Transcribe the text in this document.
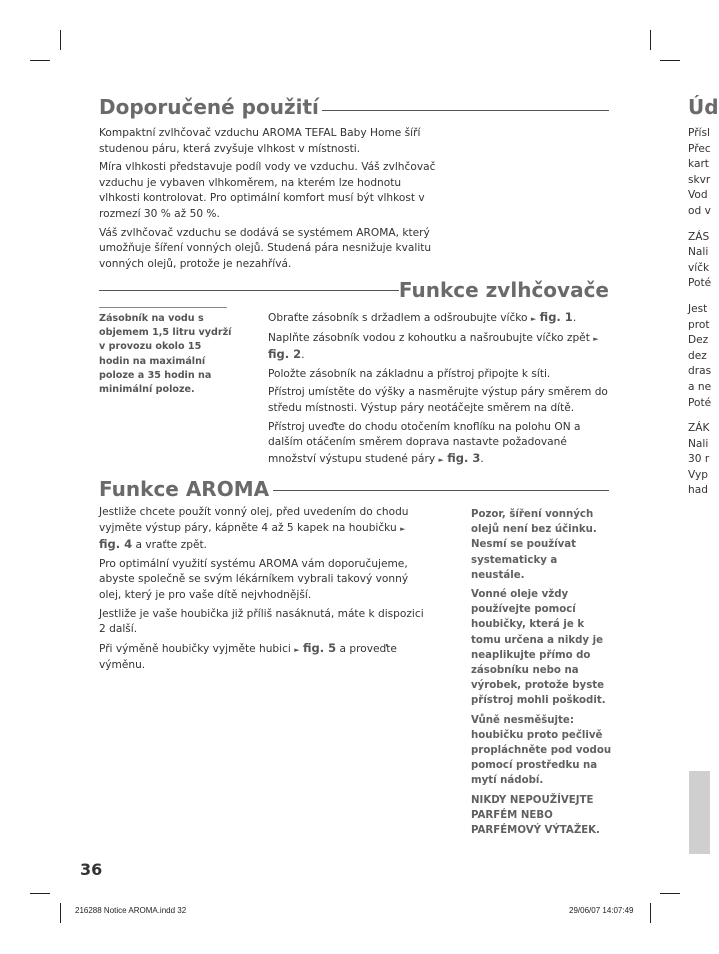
Doporučené použití

Kompaktní zvlhčovač vzduchu AROMA TEFAL Baby Home šíří studenou páru, která zvyšuje vlhkost v místnosti.

Míra vlhkosti představuje podíl vody ve vzduchu. Váš zvlhčovač vzduchu je vybaven vlhkoměrem, na kterém lze hodnotu vlhkosti kontrolovat. Pro optimální komfort musí být vlhkost v rozmezí 30 % až 50 %.

Váš zvlhčovač vzduchu se dodává se systémem AROMA, který umožňuje šíření vonných olejů. Studená pára nesnižuje kvalitu vonných olejů, protože je nezahřívá.

Funkce zvlhčovače
Zásobník na vodu s objemem 1,5 litru vydrží v provozu okolo 15 hodin na maximální poloze a 35 hodin na minimální poloze.

Obraťte zásobník s držadlem a odšroubujte víčko ► fig. 1.

Naplňte zásobník vodou z kohoutku a našroubujte víčko zpět ► fig. 2.

Položte zásobník na základnu a přístroj připojte k síti.

Přístroj umístěte do výšky a nasměrujte výstup páry směrem do středu místnosti. Výstup páry neotáčejte směrem na dítě.

Přístroj uveďte do chodu otočením knoflíku na polohu ON a dalším otáčením směrem doprava nastavte požadované množství výstupu studené páry ► fig. 3.

Funkce AROMA

Jestliže chcete použít vonný olej, před uvedením do chodu vyjměte výstup páry, kápněte 4 až 5 kapek na houbičku ► fig. 4 a vraťte zpět.

Pro optimální využití systému AROMA vám doporučujeme, abyste společně se svým lékárníkem vybrali takový vonný olej, který je pro vaše dítě nejvhodnější.

Jestliže je vaše houbička již příliš nasáknutá, máte k dispozici 2 další.

Při výměně houbičky vyjměte hubici ► fig. 5 a proveďte výměnu.

Pozor, šíření vonných olejů není bez účinku. Nesmí se používat systematicky a neustále.

Vonné oleje vždy používejte pomocí houbičky, která je k tomu určena a nikdy je neaplikujte přímo do zásobníku nebo na výrobek, protože byste přístroj mohli poškodit.

Vůně nesměšujte: houbičku proto pečlivě propláchněte pod vodou pomocí prostředku na mytí nádobí.

NIKDY NEPOUŽÍVEJTE PARFÉM NEBO PARFÉMOVÝ VÝTAŽEK.

Úd
Přísl
Přec
kart
skvr
Vod
od v
ZÁS
Nali
víčk
Poté
Jest
prot
Dez
dez
dras
a ne
Poté
ZÁK
Nali
30 r
Vyp
had
36
216288 Notice AROMA.indd 32	29/06/07 14:07:49
